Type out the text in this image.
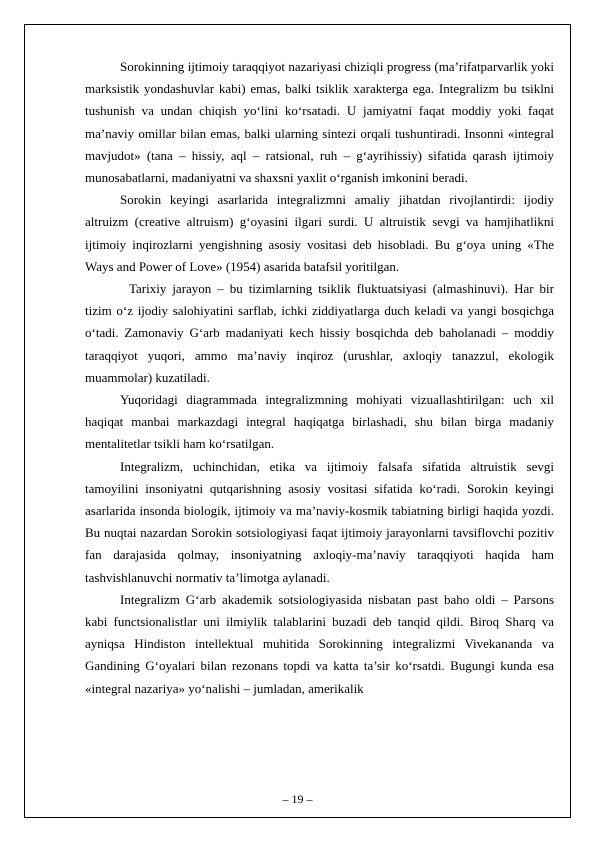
Sorokinning ijtimoiy taraqqiyot nazariyasi chiziqli progress (ma’rifatparvarlik yoki marksistik yondashuvlar kabi) emas, balki tsiklik xarakterga ega. Integralizm bu tsiklni tushunish va undan chiqish yo‘lini ko‘rsatadi. U jamiyatni faqat moddiy yoki faqat ma’naviy omillar bilan emas, balki ularning sintezi orqali tushuntiradi. Insonni «integral mavjudot» (tana – hissiy, aql – ratsional, ruh – g‘ayrihissiy) sifatida qarash ijtimoiy munosabatlarni, madaniyatni va shaxsni yaxlit o‘rganish imkonini beradi.

Sorokin keyingi asarlarida integralizmni amaliy jihatdan rivojlantirdi: ijodiy altruizm (creative altruism) g‘oyasini ilgari surdi. U altruistik sevgi va hamjihatlikni ijtimoiy inqirozlarni yengishning asosiy vositasi deb hisobladi. Bu g‘oya uning «The Ways and Power of Love» (1954) asarida batafsil yoritilgan.

Tarixiy jarayon – bu tizimlarning tsiklik fluktuatsiyasi (almashinuvi). Har bir tizim o‘z ijodiy salohiyatini sarflab, ichki ziddiyatlarga duch keladi va yangi bosqichga o‘tadi. Zamonaviy G‘arb madaniyati kech hissiy bosqichda deb baholanadi – moddiy taraqqiyot yuqori, ammo ma’naviy inqiroz (urushlar, axloqiy tanazzul, ekologik muammolar) kuzatiladi.

Yuqoridagi diagrammada integralizmning mohiyati vizuallashtirilgan: uch xil haqiqat manbai markazdagi integral haqiqatga birlashadi, shu bilan birga madaniy mentalitetlar tsikli ham ko‘rsatilgan.

Integralizm, uchinchidan, etika va ijtimoiy falsafa sifatida altruistik sevgi tamoyilini insoniyatni qutqarishning asosiy vositasi sifatida ko‘radi. Sorokin keyingi asarlarida insonda biologik, ijtimoiy va ma’naviy-kosmik tabiatning birligi haqida yozdi. Bu nuqtai nazardan Sorokin sotsiologiyasi faqat ijtimoiy jarayonlarni tavsiflovchi pozitiv fan darajasida qolmay, insoniyatning axloqiy-ma’naviy taraqqiyoti haqida ham tashvishlanuvchi normativ ta’limotga aylanadi.

Integralizm G‘arb akademik sotsiologiyasida nisbatan past baho oldi – Parsons kabi functsionalistlar uni ilmiylik talablarini buzadi deb tanqid qildi. Biroq Sharq va ayniqsa Hindiston intellektual muhitida Sorokinning integralizmi Vivekananda va Gandining G‘oyalari bilan rezonans topdi va katta ta’sir ko‘rsatdi. Bugungi kunda esa «integral nazariya» yo‘nalishi – jumladan, amerikalik

– 19 –
